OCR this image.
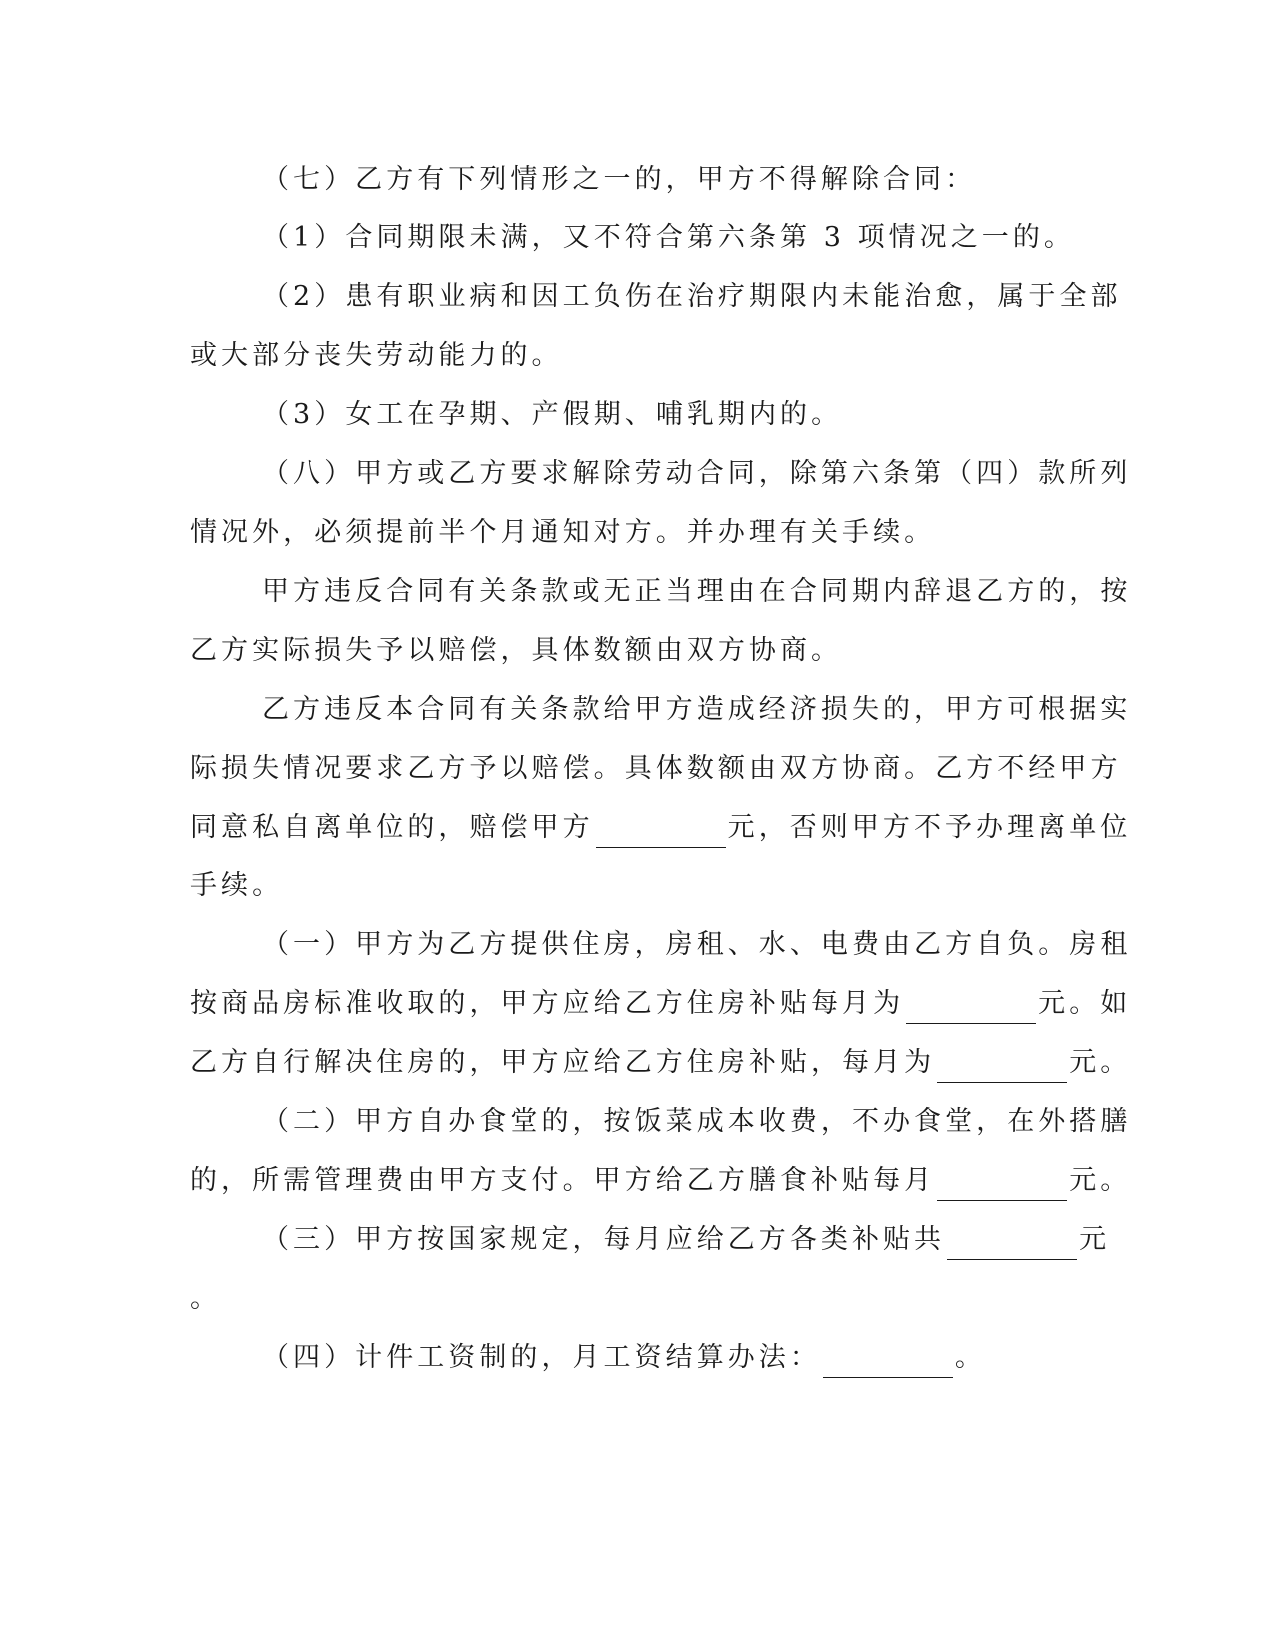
（七）乙方有下列情形之一的，甲方不得解除合同：
（1）合同期限未满，又不符合第六条第 3 项情况之一的。
（2）患有职业病和因工负伤在治疗期限内未能治愈，属于全部
或大部分丧失劳动能力的。
（3）女工在孕期、产假期、哺乳期内的。
（八）甲方或乙方要求解除劳动合同，除第六条第（四）款所列
情况外，必须提前半个月通知对方。并办理有关手续。
甲方违反合同有关条款或无正当理由在合同期内辞退乙方的，按
乙方实际损失予以赔偿，具体数额由双方协商。
乙方违反本合同有关条款给甲方造成经济损失的，甲方可根据实
际损失情况要求乙方予以赔偿。具体数额由双方协商。乙方不经甲方
同意私自离单位的，赔偿甲方	元，否则甲方不予办理离单位
手续。
（一）甲方为乙方提供住房，房租、水、电费由乙方自负。房租
按商品房标准收取的，甲方应给乙方住房补贴每月为	元。如
乙方自行解决住房的，甲方应给乙方住房补贴，每月为	元。
（二）甲方自办食堂的，按饭菜成本收费，不办食堂，在外搭膳
的，所需管理费由甲方支付。甲方给乙方膳食补贴每月	元。
（三）甲方按国家规定，每月应给乙方各类补贴共	元
。
（四）计件工资制的，月工资结算办法：	。
